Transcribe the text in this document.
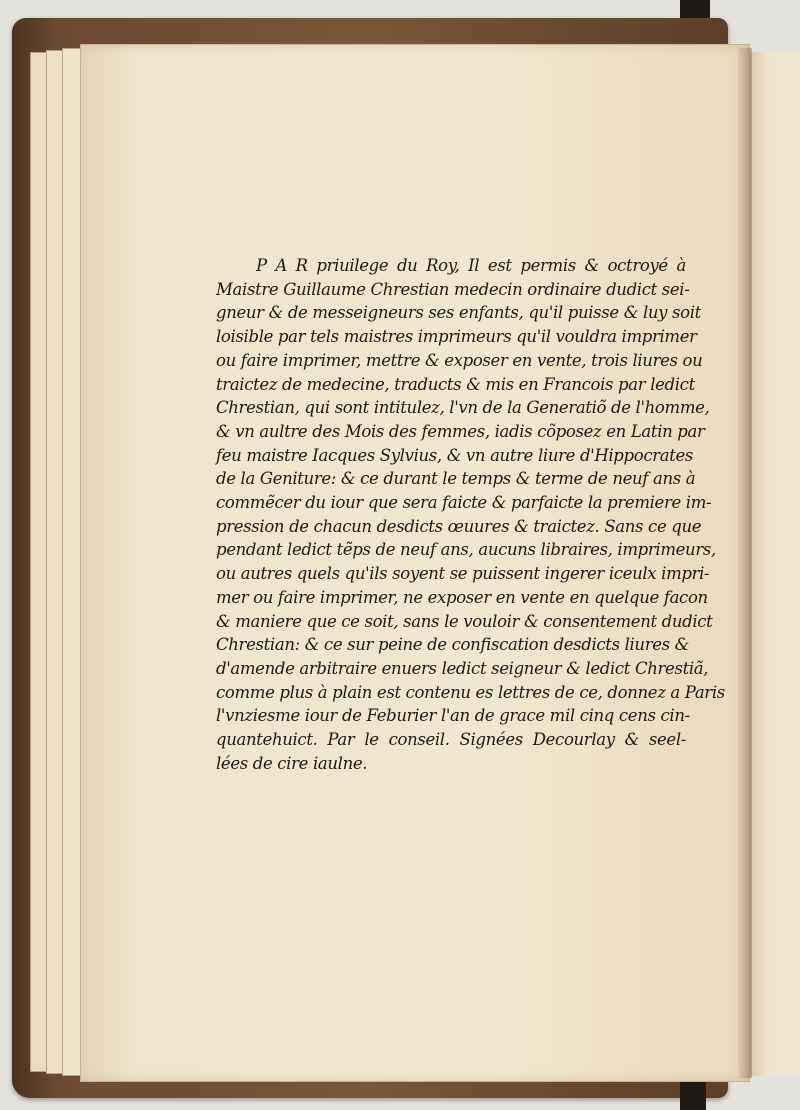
P A R priuilege du Roy, Il est permis & octroyé à
Maistre Guillaume Chrestian medecin ordinaire dudict sei-
gneur & de messeigneurs ses enfants, qu'il puisse & luy soit
loisible par tels maistres imprimeurs qu'il vouldra imprimer
ou faire imprimer, mettre & exposer en vente, trois liures ou
traictez de medecine, traducts & mis en Francois par ledict
Chrestian, qui sont intitulez, l'vn de la Generatiõ de l'homme,
& vn aultre des Mois des femmes, iadis cõposez en Latin par
feu maistre Iacques Sylvius, & vn autre liure d'Hippocrates
de la Geniture: & ce durant le temps & terme de neuf ans à
commẽcer du iour que sera faicte & parfaicte la premiere im-
pression de chacun desdicts œuures & traictez. Sans ce que
pendant ledict tẽps de neuf ans, aucuns libraires, imprimeurs,
ou autres quels qu'ils soyent se puissent ingerer iceulx impri-
mer ou faire imprimer, ne exposer en vente en quelque facon
& maniere que ce soit, sans le vouloir & consentement dudict
Chrestian: & ce sur peine de confiscation desdicts liures &
d'amende arbitraire enuers ledict seigneur & ledict Chrestiã,
comme plus à plain est contenu es lettres de ce, donnez a Paris
l'vnziesme iour de Feburier l'an de grace mil cinq cens cin-
quantehuict. Par le conseil. Signées Decourlay & seel-
lées de cire iaulne.
